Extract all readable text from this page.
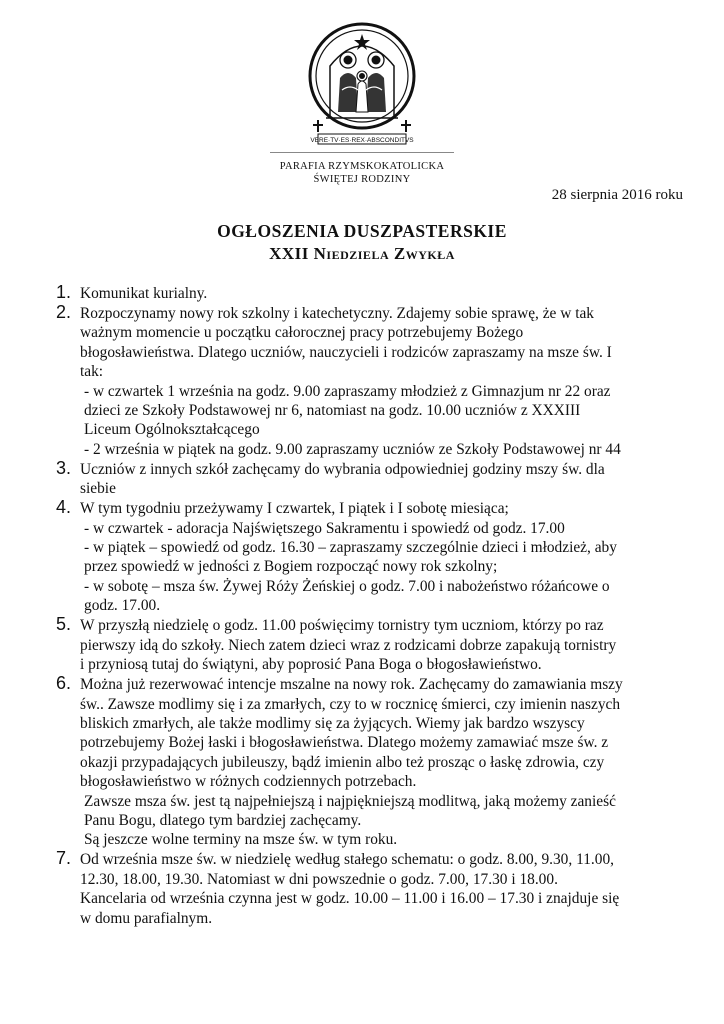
VERE·TV·ES·REX·ABSCONDITVS
PARAFIA RZYMSKOKATOLICKA
ŚWIĘTEJ RODZINY
28 sierpnia 2016 roku
OGŁOSZENIA DUSZPASTERSKIE
XXII Niedziela Zwykła
1 . Komunikat kurialny.
2 . Rozpoczynamy nowy rok szkolny i katechetyczny. Zdajemy sobie sprawę, że w tak
ważnym momencie u początku całorocznej pracy potrzebujemy Bożego
błogosławieństwa. Dlatego uczniów, nauczycieli i rodziców zapraszamy na msze św. I
tak:
- w czwartek 1 września na godz. 9.00 zapraszamy młodzież z Gimnazjum nr 22 oraz
dzieci ze Szkoły Podstawowej nr 6, natomiast na godz. 10.00 uczniów z XXXIII
Liceum Ogólnokształcącego
- 2 września w piątek na godz. 9.00 zapraszamy uczniów ze Szkoły Podstawowej nr 44
3 . Uczniów z innych szkół zachęcamy do wybrania odpowiedniej godziny mszy św. dla
siebie
4 . W tym tygodniu przeżywamy I czwartek, I piątek i I sobotę miesiąca;
- w czwartek - adoracja Najświętszego Sakramentu i spowiedź od godz. 17.00
- w piątek – spowiedź od godz. 16.30 – zapraszamy szczególnie dzieci i młodzież, aby
przez spowiedź w jedności z Bogiem rozpocząć nowy rok szkolny;
- w sobotę – msza św. Żywej Róży Żeńskiej o godz. 7.00 i nabożeństwo różańcowe o
godz. 17.00.
5 . W przyszłą niedzielę o godz. 11.00 poświęcimy tornistry tym uczniom, którzy po raz
pierwszy idą do szkoły. Niech zatem dzieci wraz z rodzicami dobrze zapakują tornistry
i przyniosą tutaj do świątyni, aby poprosić Pana Boga o błogosławieństwo.
6 . Można już rezerwować intencje mszalne na nowy rok. Zachęcamy do zamawiania mszy
św.. Zawsze modlimy się i za zmarłych, czy to w rocznicę śmierci, czy imienin naszych
bliskich zmarłych, ale także modlimy się za żyjących. Wiemy jak bardzo wszyscy
potrzebujemy Bożej łaski i błogosławieństwa. Dlatego możemy zamawiać msze św. z
okazji przypadających jubileuszy, bądź imienin albo też prosząc o łaskę zdrowia, czy
błogosławieństwo w różnych codziennych potrzebach.
Zawsze msza św. jest tą najpełniejszą i najpiękniejszą modlitwą, jaką możemy zanieść
Panu Bogu, dlatego tym bardziej zachęcamy.
Są jeszcze wolne terminy na msze św. w tym roku.
7 . Od września msze św. w niedzielę według stałego schematu: o godz. 8.00, 9.30, 11.00,
12.30, 18.00, 19.30. Natomiast w dni powszednie o godz. 7.00, 17.30 i 18.00.
Kancelaria od września czynna jest w godz. 10.00 – 11.00 i 16.00 – 17.30 i znajduje się
w domu parafialnym.
